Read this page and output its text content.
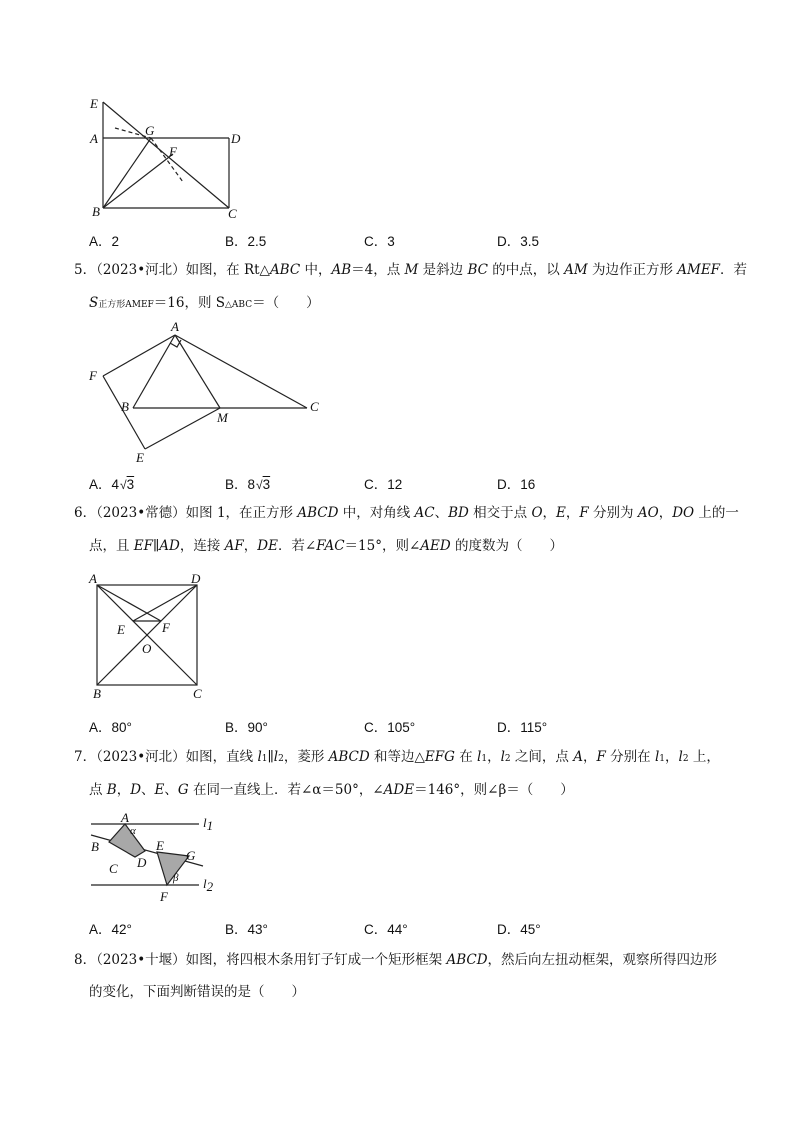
E
A
G
D
F
B	C
A．2	B．2.5	C．3	D．3.5
5．（2023•河北）如图，在 Rt△ABC 中，AB＝4，点 M 是斜边 BC 的中点，以 AM 为边作正方形 AMEF．若
S正方形AMEF＝16，则 S△ABC＝（　　）
A
F
B
M
C
E
A．4√3	B．8√3	C．12	D．16
6．（2023•常德）如图 1，在正方形 ABCD 中，对角线 AC、BD 相交于点 O，E，F 分别为 AO，DO 上的一
点，且 EF∥AD，连接 AF，DE．若∠FAC＝15°，则∠AED 的度数为（　　）
A	D
E	F
O
B	C
A．80°	B．90°	C．105°	D．115°
7．（2023•河北）如图，直线 l1∥l2，菱形 ABCD 和等边△EFG 在 l1，l2 之间，点 A，F 分别在 l1，l2 上，
点 B，D、E、G 在同一直线上．若∠α＝50°，∠ADE＝146°，则∠β＝（　　）
A
α
B
D
E
G
C
β
F
l1
l2
A．42°	B．43°	C．44°	D．45°
8．（2023•十堰）如图，将四根木条用钉子钉成一个矩形框架 ABCD，然后向左扭动框架，观察所得四边形
的变化，下面判断错误的是（　　）
